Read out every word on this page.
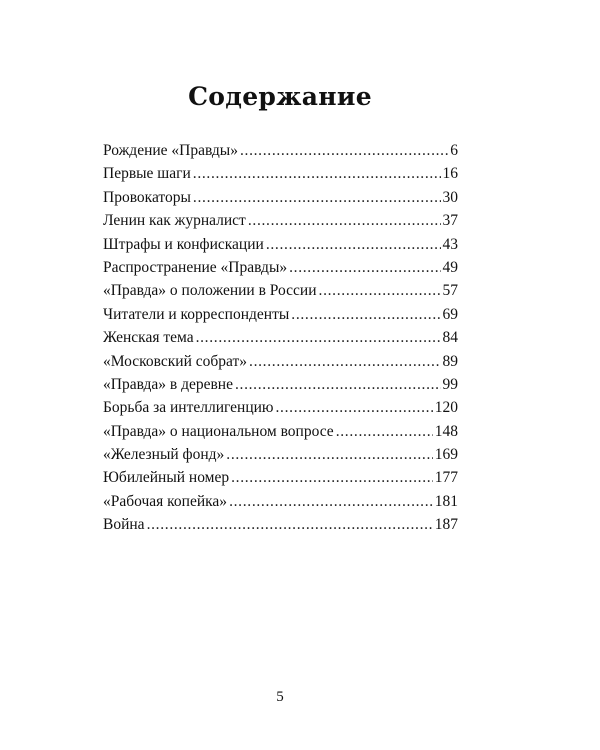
Содержание
Рождение «Правды» . . .	6
Первые шаги . . .	16
Провокаторы . . .	30
Ленин как журналист . . .	37
Штрафы и конфискации . . .	43
Распространение «Правды» . . .	49
«Правда» о положении в России . . .	57
Читатели и корреспонденты . . .	69
Женская тема . . .	84
«Московский собрат» . . .	89
«Правда» в деревне . . .	99
Борьба за интеллигенцию . . .	120
«Правда» о национальном вопросе . . .	148
«Железный фонд» . . .	169
Юбилейный номер . . .	177
«Рабочая копейка» . . .	181
Война . . .	187
5
